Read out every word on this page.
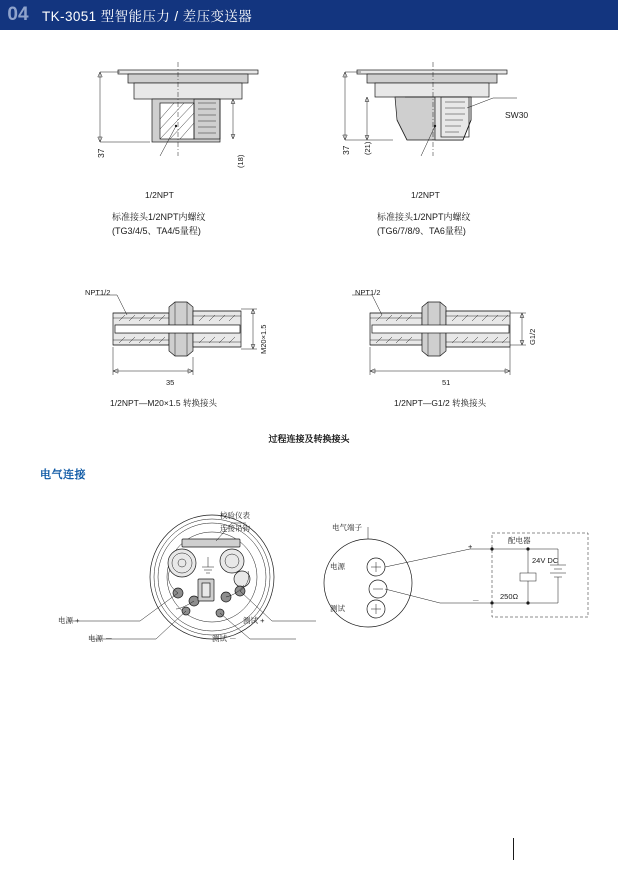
04 TK-3051 型智能压力 / 差压变送器
37
(18)
1/2NPT
标准接头1/2NPT内螺纹
(TG3/4/5、TA4/5量程)
37 (21)
SW30
1/2NPT
标准接头1/2NPT内螺纹
(TG6/7/8/9、TA6量程)
NPT1/2
M20×1.5
35
1/2NPT—M20×1.5 转换接头
NPT1/2
G1/2
51
1/2NPT—G1/2 转换接头
过程连接及转换接头
电气连接
校验仪表
连接吊钩
电源 +
电源 －
测试 +
测试 －
电气端子
电源
测试
+
－
配电器
24V DC
250Ω
